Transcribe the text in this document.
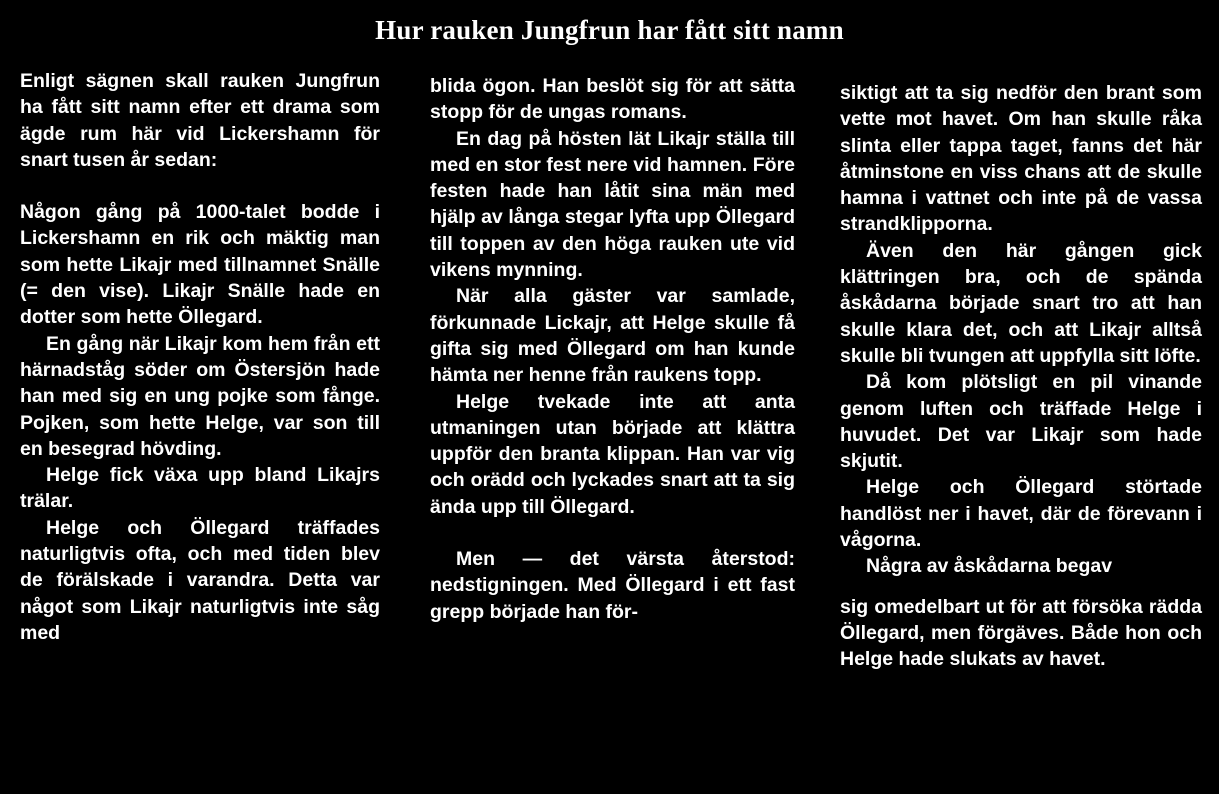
Hur rauken Jungfrun har fått sitt namn

Enligt sägnen skall rauken Jungfrun ha fått sitt namn efter ett drama som ägde rum här vid Lickershamn för snart tusen år sedan:

Någon gång på 1000-talet bodde i Lickershamn en rik och mäktig man som hette Likajr med tillnamnet Snälle (= den vise). Likajr Snälle hade en dotter som hette Öllegard.

En gång när Likajr kom hem från ett härnadståg söder om Östersjön hade han med sig en ung pojke som fånge. Pojken, som hette Helge, var son till en besegrad hövding.

Helge fick växa upp bland Likajrs trälar.

Helge och Öllegard träffades naturligtvis ofta, och med tiden blev de förälskade i varandra. Detta var något som Likajr naturligtvis inte såg med

blida ögon. Han beslöt sig för att sätta stopp för de ungas romans.

En dag på hösten lät Likajr ställa till med en stor fest nere vid hamnen. Före festen hade han låtit sina män med hjälp av långa stegar lyfta upp Öllegard till toppen av den höga rauken ute vid vikens mynning.

När alla gäster var samlade, förkunnade Lickajr, att Helge skulle få gifta sig med Öllegard om han kunde hämta ner henne från raukens topp.

Helge tvekade inte att anta utmaningen utan började att klättra uppför den branta klippan. Han var vig och orädd och lyckades snart att ta sig ända upp till Öllegard.

Men — det värsta återstod: nedstigningen. Med Öllegard i ett fast grepp började han för-

siktigt att ta sig nedför den brant som vette mot havet. Om han skulle råka slinta eller tappa taget, fanns det här åtminstone en viss chans att de skulle hamna i vattnet och inte på de vassa strandklipporna.

Även den här gången gick klättringen bra, och de spända åskådarna började snart tro att han skulle klara det, och att Likajr alltså skulle bli tvungen att uppfylla sitt löfte.

Då kom plötsligt en pil vinande genom luften och träffade Helge i huvudet. Det var Likajr som hade skjutit.

Helge och Öllegard störtade handlöst ner i havet, där de förevann i vågorna.

Några av åskådarna begav

sig omedelbart ut för att försöka rädda Öllegard, men förgäves. Både hon och Helge hade slukats av havet.
